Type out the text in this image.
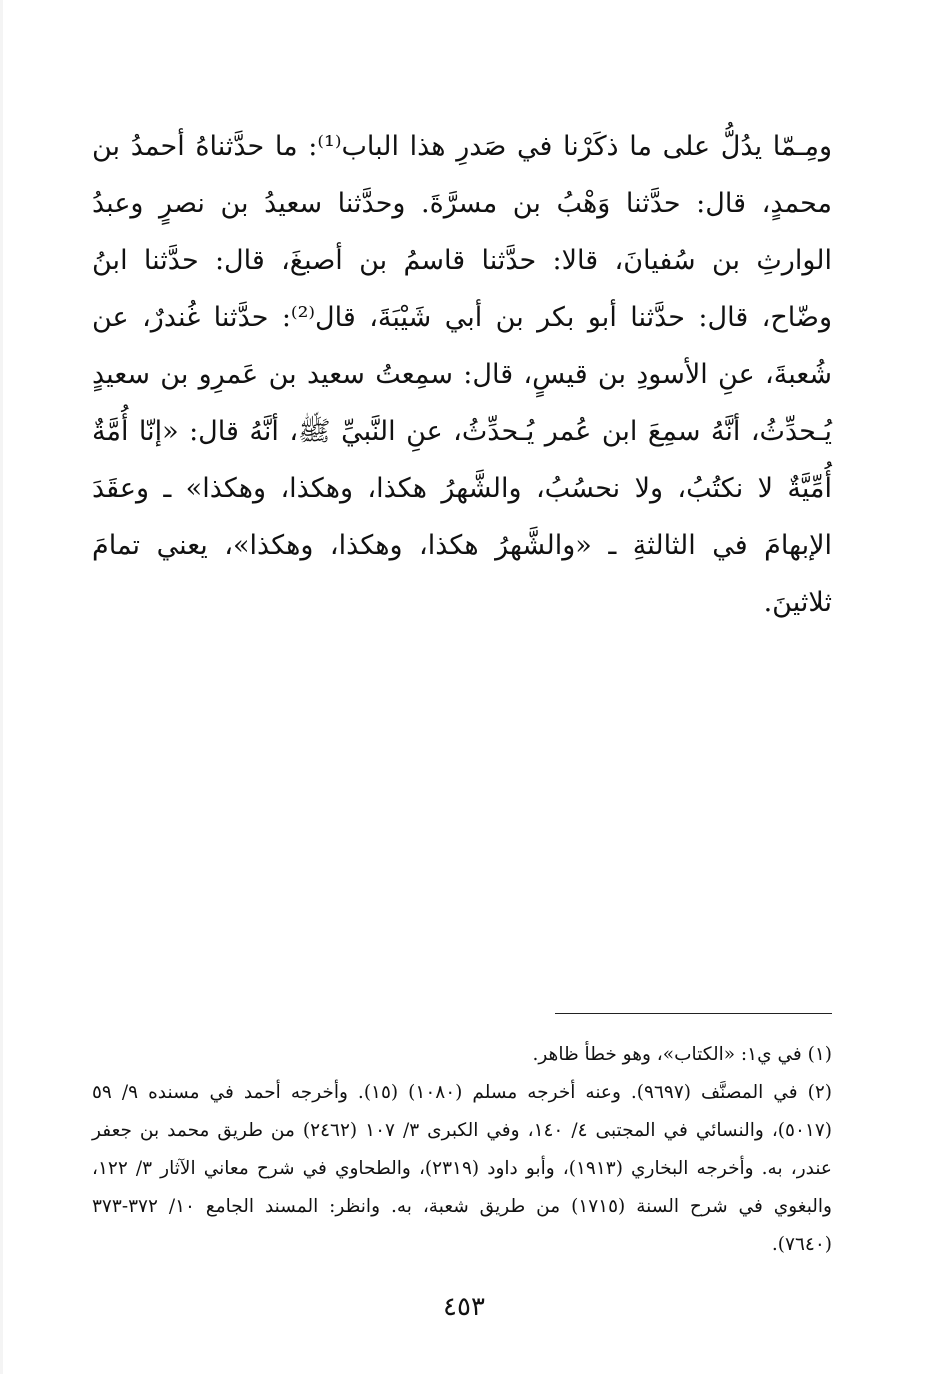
ومِـمّا يدُلُّ على ما ذكَرْنا في صَدرِ هذا الباب⁽¹⁾: ما حدَّثناهُ أحمدُ بن محمدٍ، قال: حدَّثنا وَهْبُ بن مسرَّةَ. وحدَّثنا سعيدُ بن نصرٍ وعبدُ الوارثِ بن سُفيانَ، قالا: حدَّثنا قاسمُ بن أصبغَ، قال: حدَّثنا ابنُ وضّاح، قال: حدَّثنا أبو بكر بن أبي شَيْبَةَ، قال⁽²⁾: حدَّثنا غُندرٌ، عن شُعبةَ، عنِ الأسودِ بن قيسٍ، قال: سمِعتُ سعيد بن عَمرِو بن سعيدٍ يُـحدِّثُ، أنَّهُ سمِعَ ابن عُمر يُـحدِّثُ، عنِ النَّبيِّ ﷺ، أنَّهُ قال: «إنّا أُمَّةٌ أُمِّيَّةٌ لا نكتُبُ، ولا نحسُبُ، والشَّهرُ هكذا، وهكذا، وهكذا» ـ وعقَدَ الإبهامَ في الثالثةِ ـ «والشَّهرُ هكذا، وهكذا، وهكذا»، يعني تمامَ ثلاثينَ.

(١) في ي١: «الكتاب»، وهو خطأ ظاهر.

(٢) في المصنَّف (٩٦٩٧). وعنه أخرجه مسلم (١٠٨٠) (١٥). وأخرجه أحمد في مسنده ٩/ ٥٩ (٥٠١٧)، والنسائي في المجتبى ٤/ ١٤٠، وفي الكبرى ٣/ ١٠٧ (٢٤٦٢) من طريق محمد بن جعفر عندر، به. وأخرجه البخاري (١٩١٣)، وأبو داود (٢٣١٩)، والطحاوي في شرح معاني الآثار ٣/ ١٢٢، والبغوي في شرح السنة (١٧١٥) من طريق شعبة، به. وانظر: المسند الجامع ١٠/ ٣٧٢-٣٧٣ (٧٦٤٠).

٤٥٣
